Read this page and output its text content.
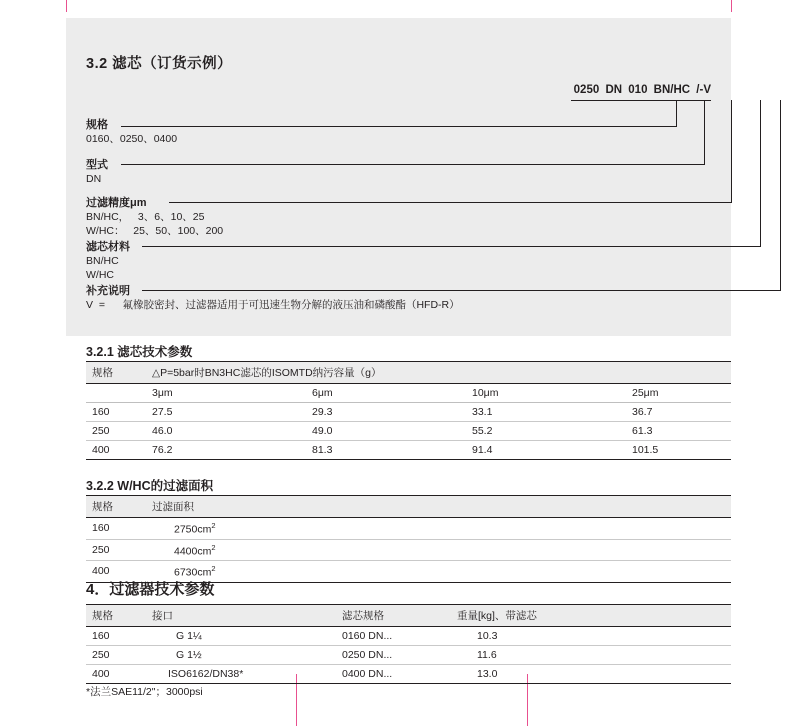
3.2 滤芯（订货示例）
0250 DN 010 BN/HC /-V
规格
0160、0250、0400
型式
DN
过滤精度μm
BN/HC，   3、6、10、25
W/HC：   25、50、100、200
滤芯材料
BN/HC
W/HC
补充说明
V  =      氟橡胶密封、过滤器适用于可迅速生物分解的液压油和磷酸酯（HFD-R）
3.2.1 滤芯技术参数
规格	△P=5bar时BN3HC滤芯的ISOMTD纳污容量（g）			
	3μm	6μm	10μm	25μm
160	27.5	29.3	33.1	36.7
250	46.0	49.0	55.2	61.3
400	76.2	81.3	91.4	101.5
3.2.2 W/HC的过滤面积
规格	过滤面积
160	$2750cm^2$
250	$4400cm^2$
400	$6730cm^2$
4．过滤器技术参数
规格	接口	滤芯规格	重量[kg]、带滤芯
160	G 1¼	0160 DN...	10.3
250	G 1½	0250 DN...	11.6
400	ISO6162/DN38*	0400 DN...	13.0
*法兰SAE11/2"；3000psi
